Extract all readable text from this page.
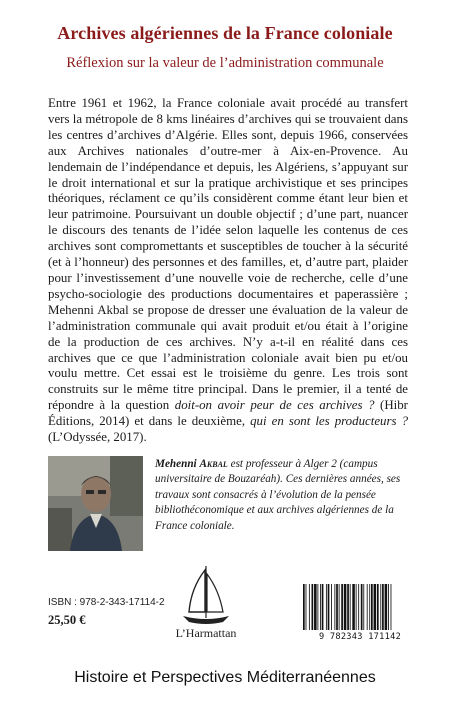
Archives algériennes de la France coloniale
Réflexion sur la valeur de l’administration communale
Entre 1961 et 1962, la France coloniale avait procédé au transfert vers la métropole de 8 kms linéaires d’archives qui se trouvaient dans les centres d’archives d’Algérie. Elles sont, depuis 1966, conservées aux Archives nationales d’outre-mer à Aix-en-Provence. Au lendemain de l’indépendance et depuis, les Algériens, s’appuyant sur le droit international et sur la pratique archivistique et ses principes théoriques, réclament ce qu’ils considèrent comme étant leur bien et leur patrimoine. Poursuivant un double objectif ; d’une part, nuancer le discours des tenants de l’idée selon laquelle les contenus de ces archives sont compromettants et susceptibles de toucher à la sécurité (et à l’honneur) des personnes et des familles, et, d’autre part, plaider pour l’investissement d’une nouvelle voie de recherche, celle d’une psycho-sociologie des productions documentaires et paperassière ; Mehenni Akbal se propose de dresser une évaluation de la valeur de l’administration communale qui avait produit et/ou était à l’origine de la production de ces archives. N’y a-t-il en réalité dans ces archives que ce que l’administration coloniale avait bien pu et/ou voulu mettre. Cet essai est le troisième du genre. Les trois sont construits sur le même titre principal. Dans le premier, il a tenté de répondre à la question doit-on avoir peur de ces archives ? (Hibr Éditions, 2014) et dans le deuxième, qui en sont les producteurs ? (L’Odyssée, 2017).
Mehenni Akbal est professeur à Alger 2 (campus universitaire de Bouzaréah). Ces dernières années, ses travaux sont consacrés à l’évolution de la pensée bibliothéconomique et aux archives algériennes de la France coloniale.
ISBN : 978-2-343-17114-2
25,50 €
L’Harmattan	9 782343 171142
Histoire et Perspectives Méditerranéennes
